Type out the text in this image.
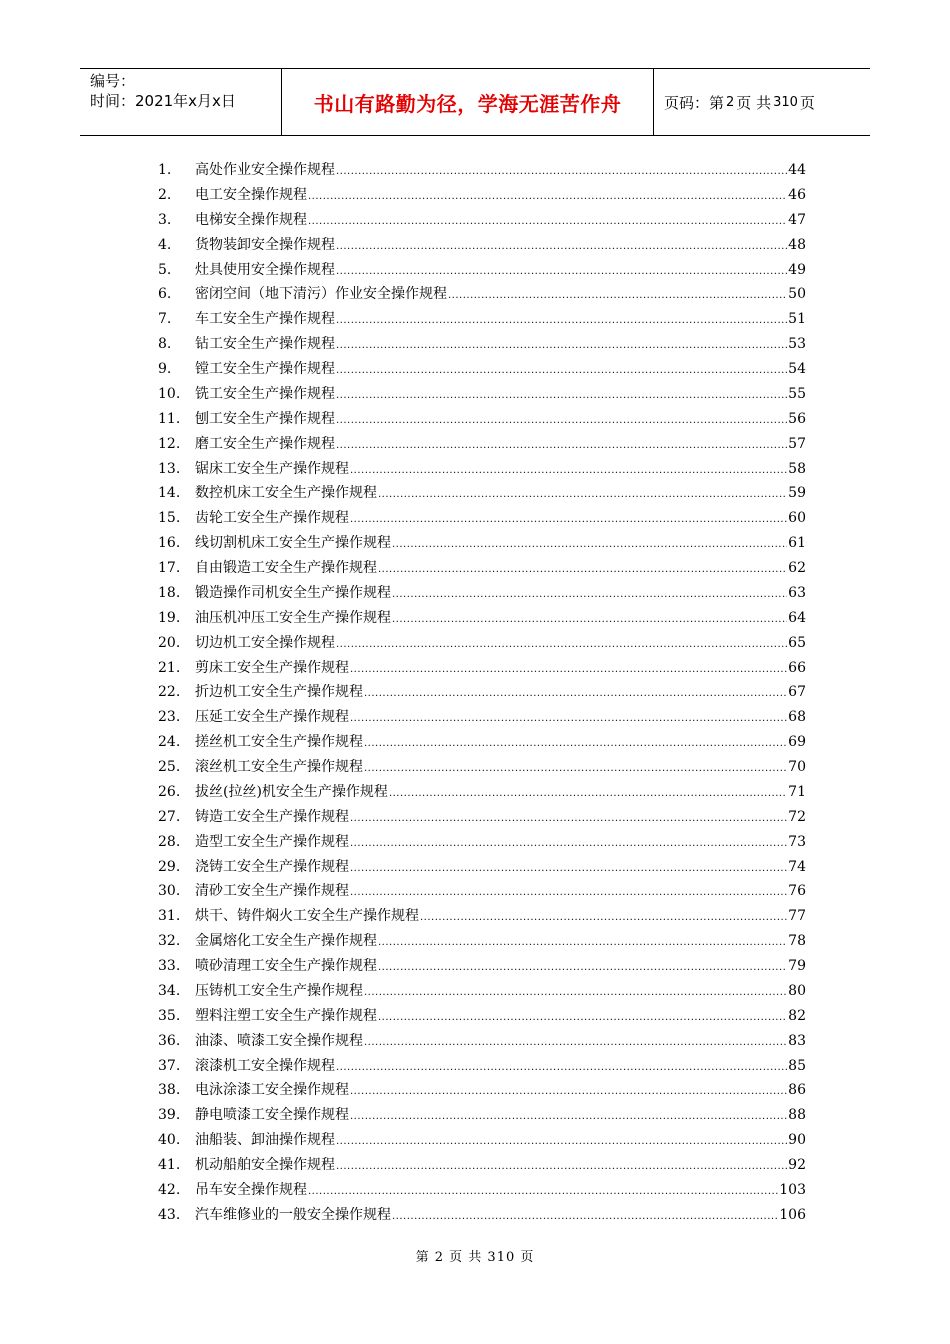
编号：
时间：2021年x月x日	书山有路勤为径，学海无涯苦作舟	页码：第 2 页 共 310 页
1.	高处作业安全操作规程 .....	44
2.	电工安全操作规程 .....	46
3.	电梯安全操作规程 .....	47
4.	货物装卸安全操作规程 .....	48
5.	灶具使用安全操作规程 .....	49
6.	密闭空间（地下清污）作业安全操作规程 .....	50
7.	车工安全生产操作规程 .....	51
8.	钻工安全生产操作规程 .....	53
9.	镗工安全生产操作规程 .....	54
10.	铣工安全生产操作规程 .....	55
11.	刨工安全生产操作规程 .....	56
12.	磨工安全生产操作规程 .....	57
13.	锯床工安全生产操作规程 .....	58
14.	数控机床工安全生产操作规程 .....	59
15.	齿轮工安全生产操作规程 .....	60
16.	线切割机床工安全生产操作规程 .....	61
17.	自由锻造工安全生产操作规程 .....	62
18.	锻造操作司机安全生产操作规程 .....	63
19.	油压机冲压工安全生产操作规程 .....	64
20.	切边机工安全操作规程 .....	65
21.	剪床工安全生产操作规程 .....	66
22.	折边机工安全生产操作规程 .....	67
23.	压延工安全生产操作规程 .....	68
24.	搓丝机工安全生产操作规程 .....	69
25.	滚丝机工安全生产操作规程 .....	70
26.	拔丝(拉丝)机安全生产操作规程 .....	71
27.	铸造工安全生产操作规程 .....	72
28.	造型工安全生产操作规程 .....	73
29.	浇铸工安全生产操作规程 .....	74
30.	清砂工安全生产操作规程 .....	76
31.	烘干、铸件焖火工安全生产操作规程 .....	77
32.	金属熔化工安全生产操作规程 .....	78
33.	喷砂清理工安全生产操作规程 .....	79
34.	压铸机工安全生产操作规程 .....	80
35.	塑料注塑工安全生产操作规程 .....	82
36.	油漆、喷漆工安全操作规程 .....	83
37.	滚漆机工安全操作规程 .....	85
38.	电泳涂漆工安全操作规程 .....	86
39.	静电喷漆工安全操作规程 .....	88
40.	油船装、卸油操作规程 .....	90
41.	机动船舶安全操作规程 .....	92
42.	吊车安全操作规程 .....	103
43.	汽车维修业的一般安全操作规程 .....	106
第 2 页 共 310 页
